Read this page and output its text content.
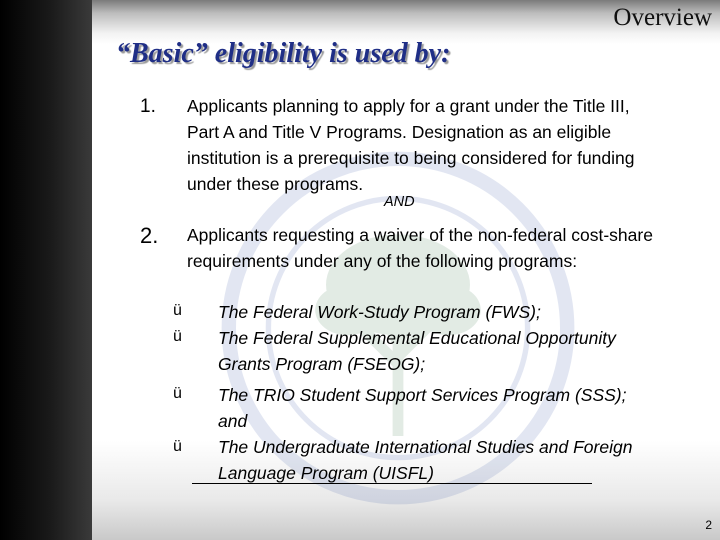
Overview
“Basic” eligibility is used by:
1. Applicants planning to apply for a grant under the Title III, Part A and Title V Programs. Designation as an eligible institution is a prerequisite to being considered for funding under these programs.
AND
2. Applicants requesting a waiver of the non-federal cost-share requirements under any of the following programs:
ü The Federal Work-Study Program (FWS);
ü The Federal Supplemental Educational Opportunity Grants Program (FSEOG);
ü The TRIO Student Support Services Program (SSS); and
ü The Undergraduate International Studies and Foreign Language Program (UISFL)
2
